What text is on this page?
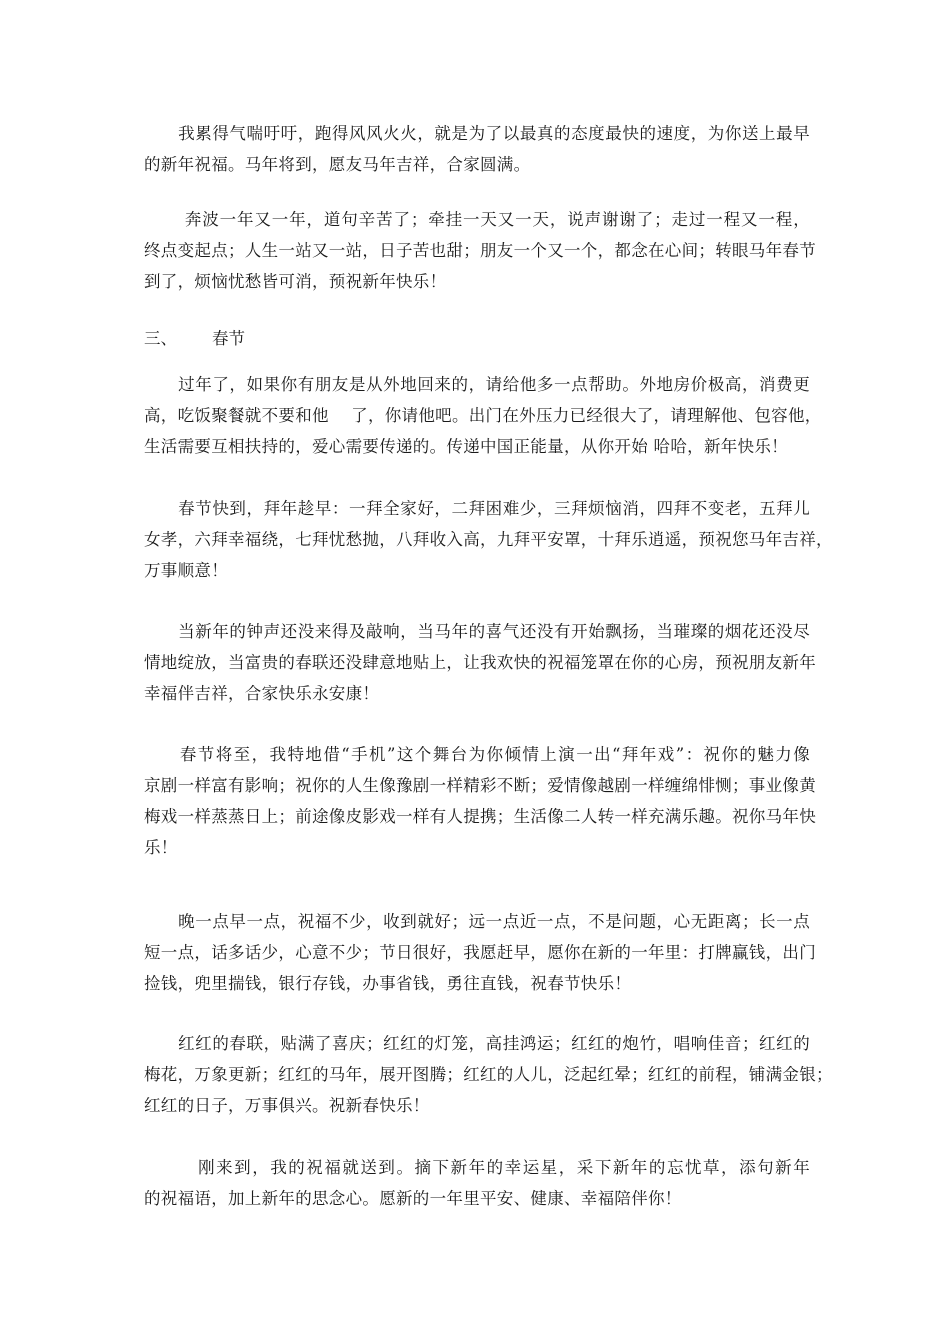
　　我累得气喘吁吁，跑得风风火火，就是为了以最真的态度最快的速度，为你送上最早
的新年祝福。马年将到，愿友马年吉祥，合家圆满。

　　 奔波一年又一年，道句辛苦了；牵挂一天又一天，说声谢谢了；走过一程又一程，
终点变起点；人生一站又一站，日子苦也甜；朋友一个又一个，都念在心间；转眼马年春节
到了，烦恼忧愁皆可消，预祝新年快乐！

三、 春节

　　过年了，如果你有朋友是从外地回来的，请给他多一点帮助。外地房价极高，消费更
高，吃饭聚餐就不要和他　 了，你请他吧。出门在外压力已经很大了，请理解他、包容他，
生活需要互相扶持的，爱心需要传递的。传递中国正能量，从你开始 哈哈，新年快乐！

　　春节快到，拜年趁早：一拜全家好，二拜困难少，三拜烦恼消，四拜不变老，五拜儿
女孝，六拜幸福绕，七拜忧愁抛，八拜收入高，九拜平安罩，十拜乐逍遥，预祝您马年吉祥，
万事顺意！

　　当新年的钟声还没来得及敲响，当马年的喜气还没有开始飘扬，当璀璨的烟花还没尽
情地绽放，当富贵的春联还没肆意地贴上，让我欢快的祝福笼罩在你的心房，预祝朋友新年
幸福伴吉祥，合家快乐永安康！

　　春节将至，我特地借“手机”这个舞台为你倾情上演一出“拜年戏”：祝你的魅力像
京剧一样富有影响；祝你的人生像豫剧一样精彩不断；爱情像越剧一样缠绵悱恻；事业像黄
梅戏一样蒸蒸日上；前途像皮影戏一样有人提携；生活像二人转一样充满乐趣。祝你马年快
乐！

　　晚一点早一点，祝福不少，收到就好；远一点近一点，不是问题，心无距离；长一点
短一点，话多话少，心意不少；节日很好，我愿赶早，愿你在新的一年里：打牌赢钱，出门
捡钱，兜里揣钱，银行存钱，办事省钱，勇往直钱，祝春节快乐！

　　红红的春联，贴满了喜庆；红红的灯笼，高挂鸿运；红红的炮竹，唱响佳音；红红的
梅花，万象更新；红红的马年，展开图腾；红红的人儿，泛起红晕；红红的前程，铺满金银；
红红的日子，万事俱兴。祝新春快乐！

　　　刚来到，我的祝福就送到。摘下新年的幸运星，采下新年的忘忧草，添句新年
的祝福语，加上新年的思念心。愿新的一年里平安、健康、幸福陪伴你！
